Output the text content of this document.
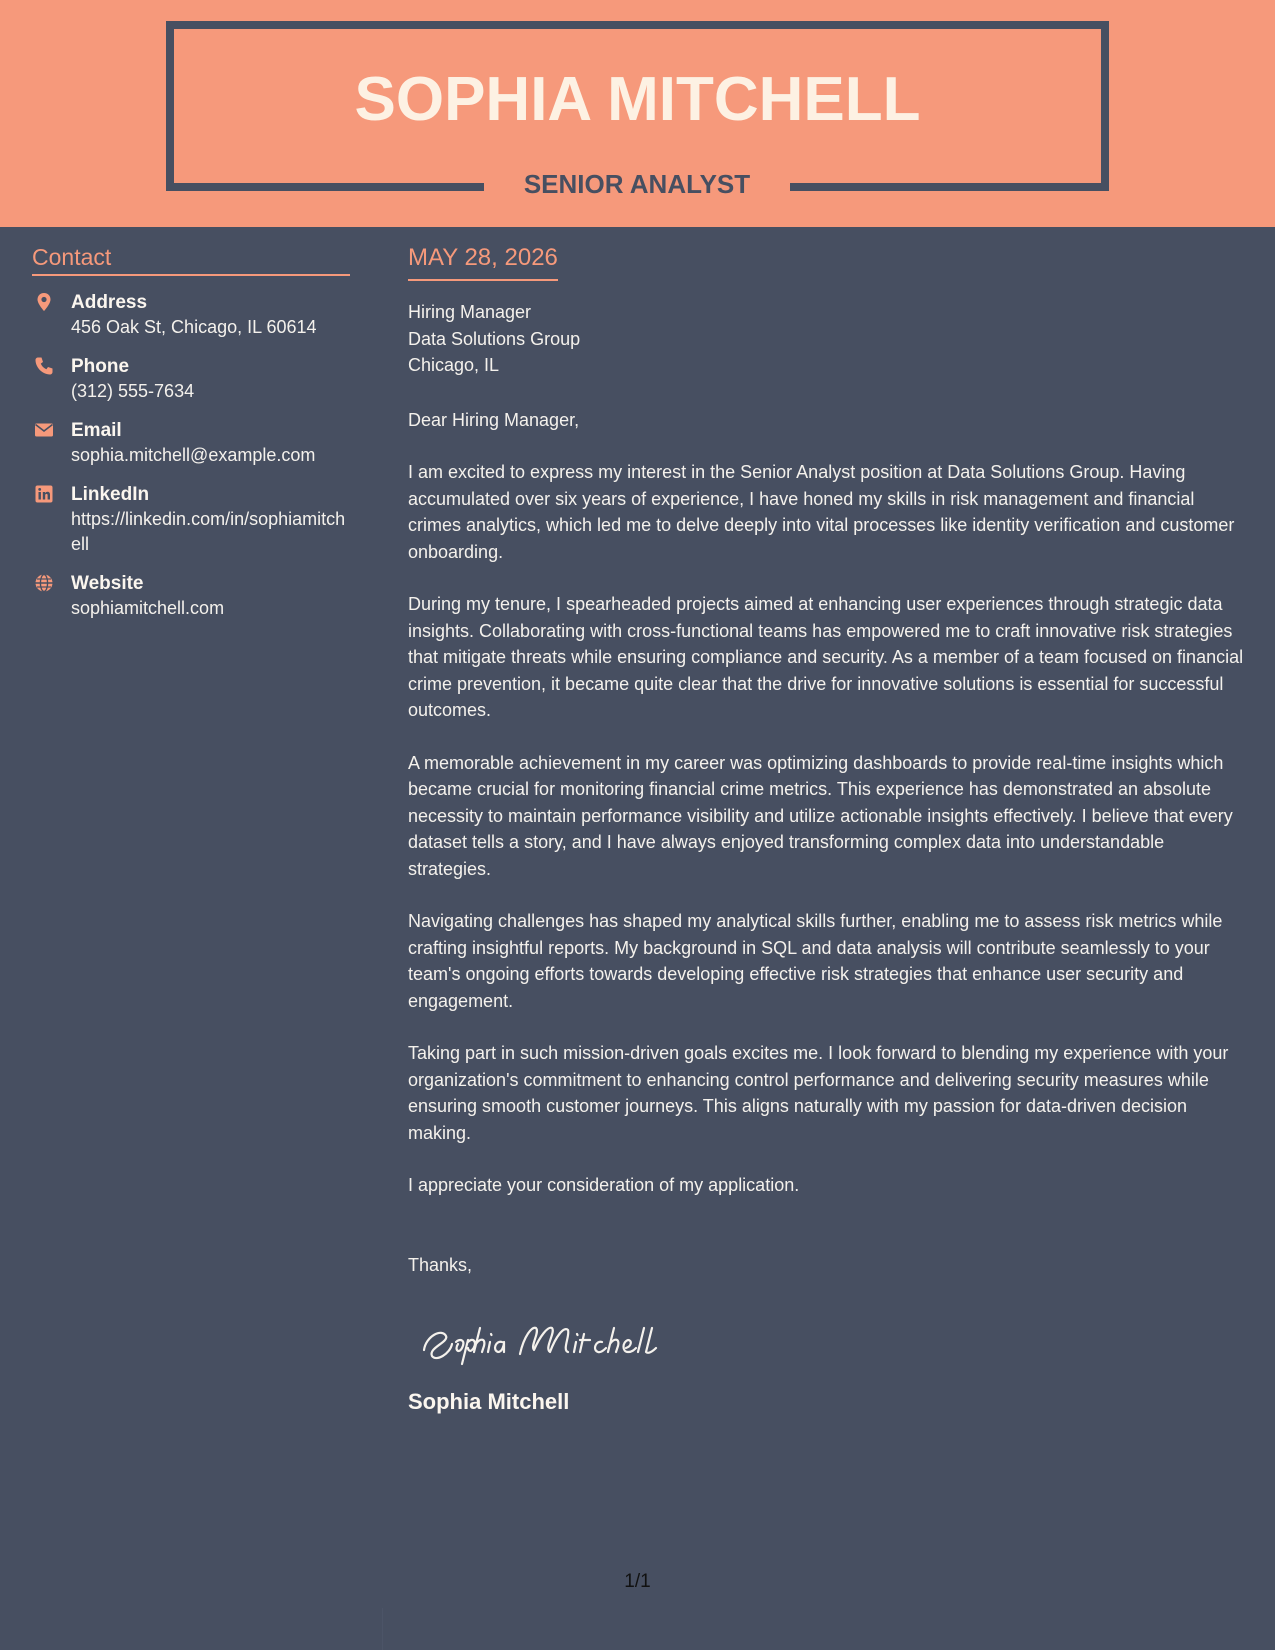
SOPHIA MITCHELL
SENIOR ANALYST
Contact
Address
456 Oak St, Chicago, IL 60614
Phone
(312) 555-7634
Email
sophia.mitchell@example.com
LinkedIn
https://linkedin.com/in/sophiamitchell
Website
sophiamitchell.com
MAY 28, 2026
Hiring Manager
Data Solutions Group
Chicago, IL
Dear Hiring Manager,
I am excited to express my interest in the Senior Analyst position at Data Solutions Group. Having accumulated over six years of experience, I have honed my skills in risk management and financial crimes analytics, which led me to delve deeply into vital processes like identity verification and customer onboarding.
During my tenure, I spearheaded projects aimed at enhancing user experiences through strategic data insights. Collaborating with cross-functional teams has empowered me to craft innovative risk strategies that mitigate threats while ensuring compliance and security. As a member of a team focused on financial crime prevention, it became quite clear that the drive for innovative solutions is essential for successful outcomes.
A memorable achievement in my career was optimizing dashboards to provide real-time insights which became crucial for monitoring financial crime metrics. This experience has demonstrated an absolute necessity to maintain performance visibility and utilize actionable insights effectively. I believe that every dataset tells a story, and I have always enjoyed transforming complex data into understandable strategies.
Navigating challenges has shaped my analytical skills further, enabling me to assess risk metrics while crafting insightful reports. My background in SQL and data analysis will contribute seamlessly to your team's ongoing efforts towards developing effective risk strategies that enhance user security and engagement.
Taking part in such mission-driven goals excites me. I look forward to blending my experience with your organization's commitment to enhancing control performance and delivering security measures while ensuring smooth customer journeys. This aligns naturally with my passion for data-driven decision making.
I appreciate your consideration of my application.
Thanks,
Sophia Mitchell
1/1
